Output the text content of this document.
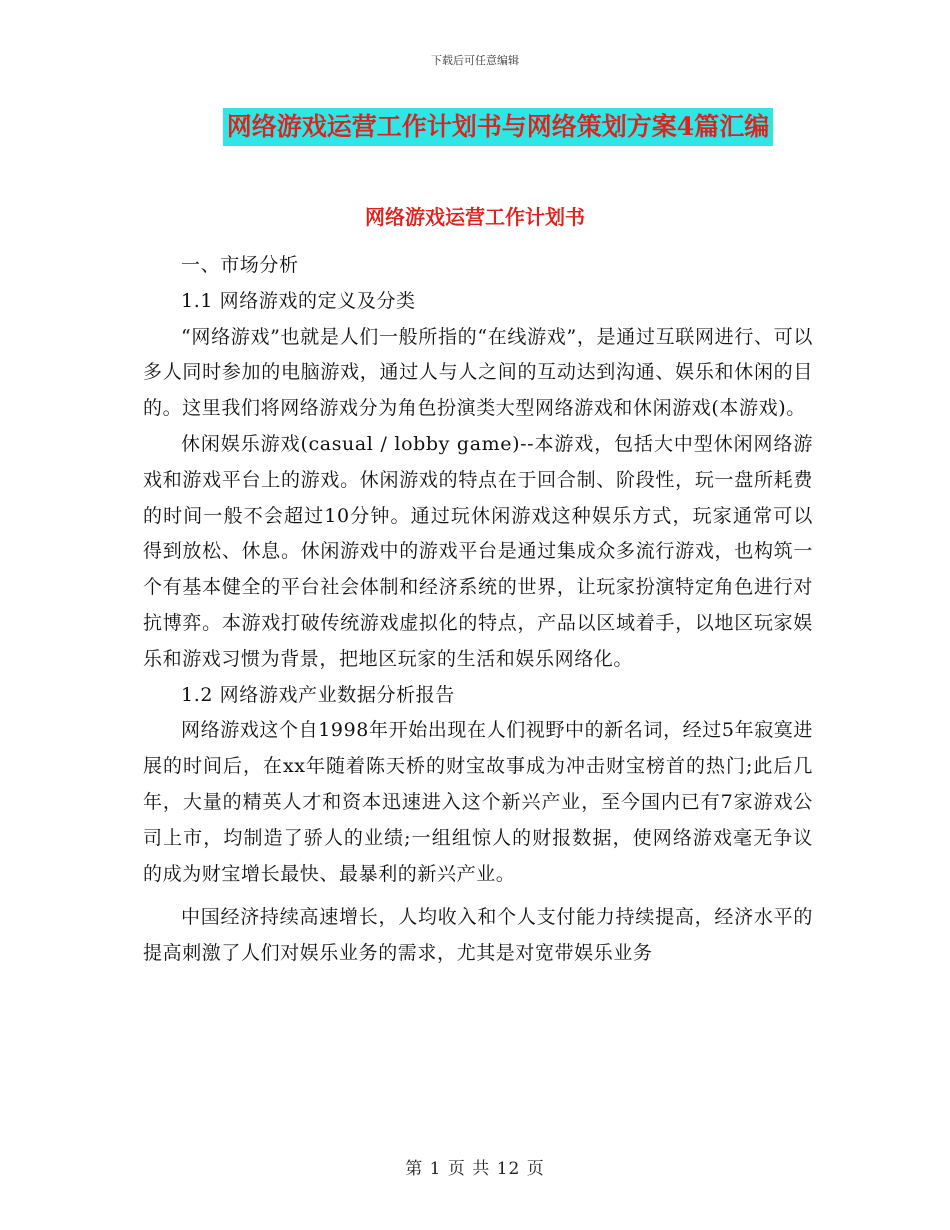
下载后可任意编辑
网络游戏运营工作计划书与网络策划方案4篇汇编
网络游戏运营工作计划书

一、市场分析

1.1 网络游戏的定义及分类

“网络游戏”也就是人们一般所指的“在线游戏”，是通过互联网进行、可以多人同时参加的电脑游戏，通过人与人之间的互动达到沟通、娱乐和休闲的目的。这里我们将网络游戏分为角色扮演类大型网络游戏和休闲游戏(本游戏)。

休闲娱乐游戏(casual / lobby game)--本游戏，包括大中型休闲网络游戏和游戏平台上的游戏。休闲游戏的特点在于回合制、阶段性，玩一盘所耗费的时间一般不会超过10分钟。通过玩休闲游戏这种娱乐方式，玩家通常可以得到放松、休息。休闲游戏中的游戏平台是通过集成众多流行游戏，也构筑一个有基本健全的平台社会体制和经济系统的世界，让玩家扮演特定角色进行对抗博弈。本游戏打破传统游戏虚拟化的特点，产品以区域着手，以地区玩家娱乐和游戏习惯为背景，把地区玩家的生活和娱乐网络化。

1.2 网络游戏产业数据分析报告

网络游戏这个自1998年开始出现在人们视野中的新名词，经过5年寂寞进展的时间后，在xx年随着陈天桥的财宝故事成为冲击财宝榜首的热门;此后几年，大量的精英人才和资本迅速进入这个新兴产业，至今国内已有7家游戏公司上市，均制造了骄人的业绩;一组组惊人的财报数据，使网络游戏毫无争议的成为财宝增长最快、最暴利的新兴产业。

中国经济持续高速增长，人均收入和个人支付能力持续提高，经济水平的提高刺激了人们对娱乐业务的需求，尤其是对宽带娱乐业务

第 1 页 共 12 页
